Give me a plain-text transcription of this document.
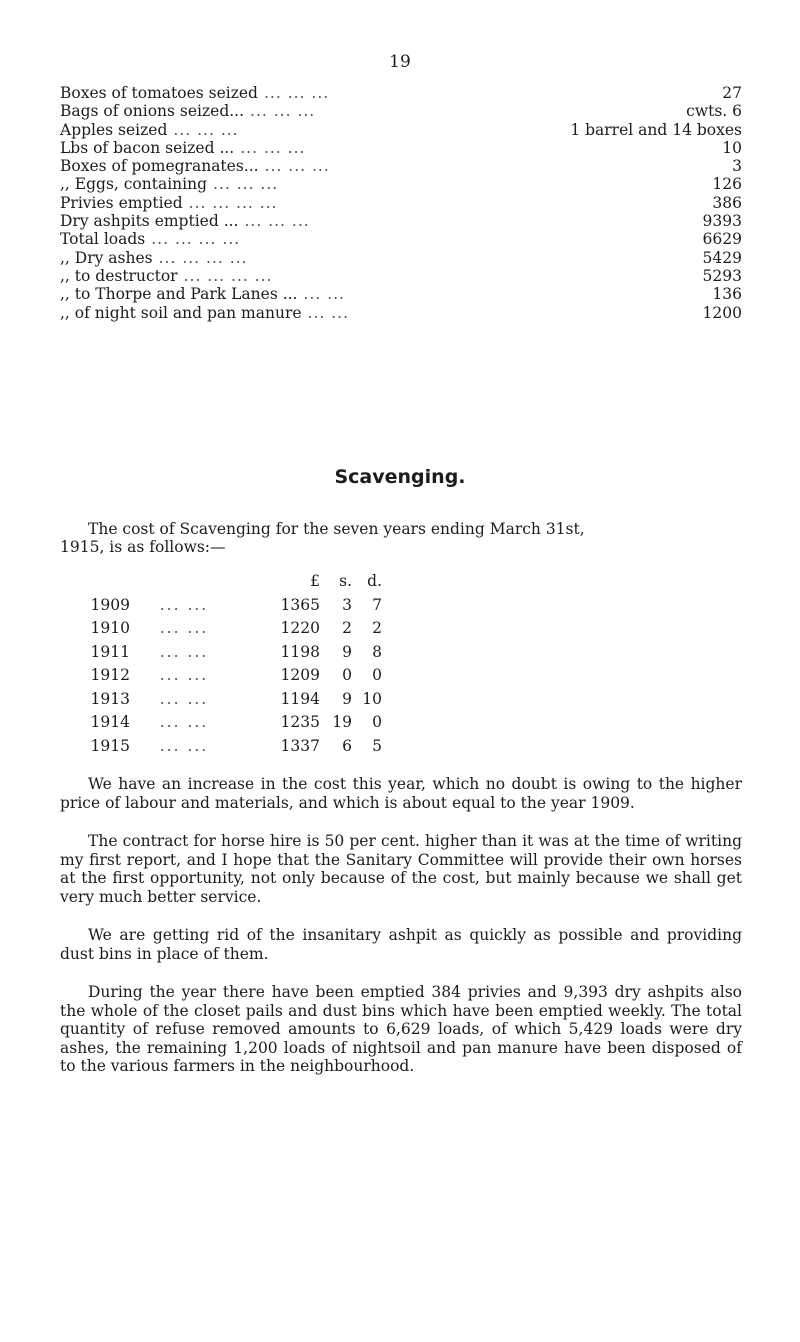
19
Boxes of tomatoes seized ... ... ...	27
Bags of onions seized... ... ... ...	cwts. 6
Apples seized ... ... ...	1 barrel and 14 boxes
Lbs of bacon seized ... ... ... ...	10
Boxes of pomegranates... ... ... ...	3
,, Eggs, containing ... ... ...	126
Privies emptied ... ... ... ...	386
Dry ashpits emptied ... ... ... ...	9393
Total loads ... ... ... ...	6629
,, Dry ashes ... ... ... ...	5429
,, to destructor ... ... ... ...	5293
,, to Thorpe and Park Lanes ... ... ...	136
,, of night soil and pan manure ... ...	1200
Scavenging.
The cost of Scavenging for the seven years ending March 31st,
1915, is as follows:—
£	s. d.
1909	... ...	1365	3	7
1910	... ...	1220	2	2
1911	... ...	1198	9	8
1912	... ...	1209	0	0
1913	... ...	1194	9 10
1914	... ...	1235 19	0
1915	... ...	1337	6	5

We have an increase in the cost this year, which no doubt is owing to the higher price of labour and materials, and which is about equal to the year 1909.

The contract for horse hire is 50 per cent. higher than it was at the time of writing my first report, and I hope that the Sanitary Committee will provide their own horses at the first opportunity, not only because of the cost, but mainly because we shall get very much better service.

We are getting rid of the insanitary ashpit as quickly as possible and providing dust bins in place of them.

During the year there have been emptied 384 privies and 9,393 dry ashpits also the whole of the closet pails and dust bins which have been emptied weekly. The total quantity of refuse removed amounts to 6,629 loads, of which 5,429 loads were dry ashes, the remaining 1,200 loads of nightsoil and pan manure have been disposed of to the various farmers in the neighbourhood.
